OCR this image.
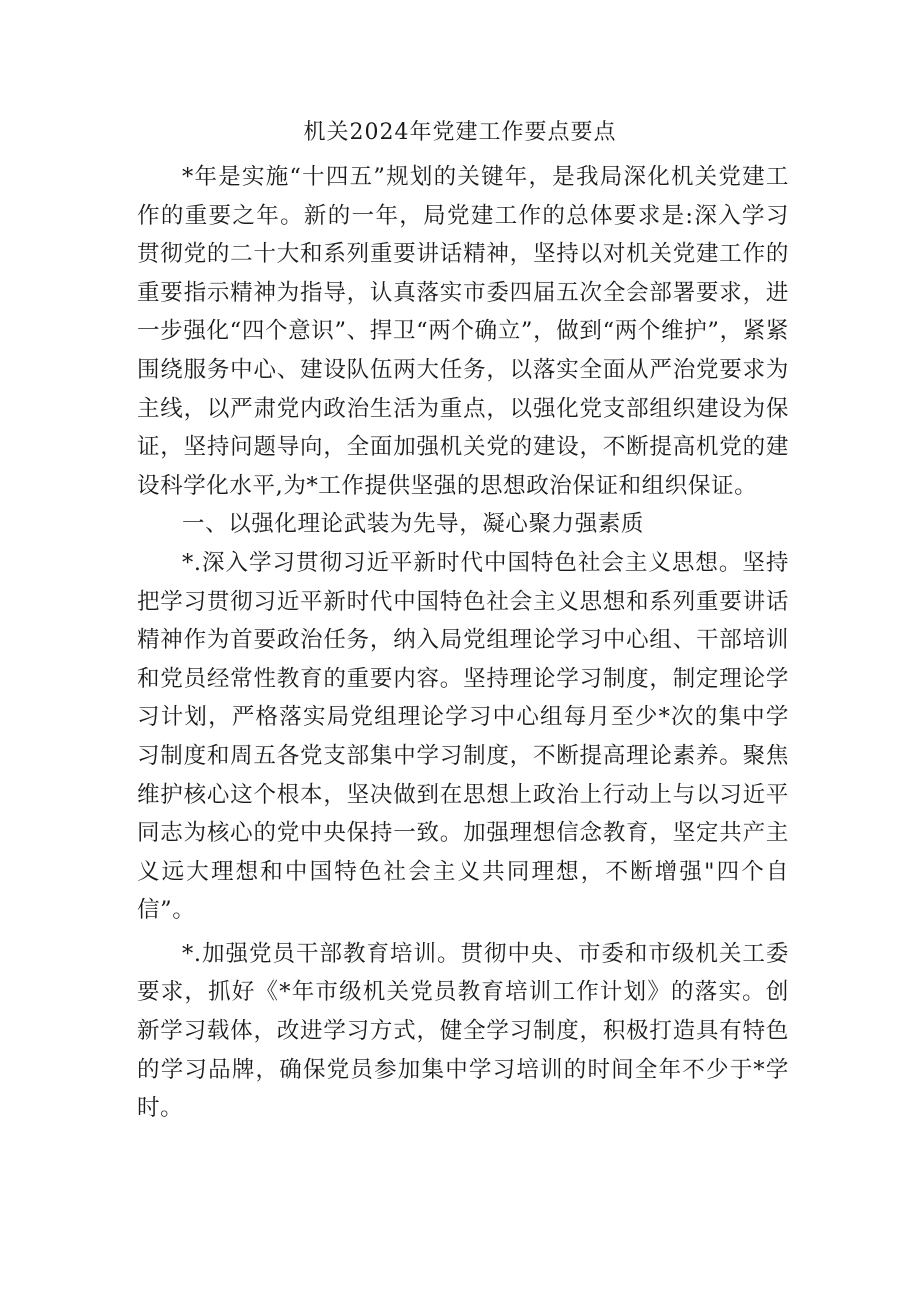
机关2024年党建工作要点要点

*年是实施“十四五”规划的关键年，是我局深化机关党建工作的重要之年。新的一年，局党建工作的总体要求是:深入学习贯彻党的二十大和系列重要讲话精神，坚持以对机关党建工作的重要指示精神为指导，认真落实市委四届五次全会部署要求，进一步强化“四个意识”、捍卫“两个确立”，做到“两个维护”，紧紧围绕服务中心、建设队伍两大任务，以落实全面从严治党要求为主线，以严肃党内政治生活为重点，以强化党支部组织建设为保证，坚持问题导向，全面加强机关党的建设，不断提高机党的建设科学化水平,为*工作提供坚强的思想政治保证和组织保证。

一、以强化理论武装为先导，凝心聚力强素质

*.深入学习贯彻习近平新时代中国特色社会主义思想。坚持把学习贯彻习近平新时代中国特色社会主义思想和系列重要讲话精神作为首要政治任务，纳入局党组理论学习中心组、干部培训和党员经常性教育的重要内容。坚持理论学习制度，制定理论学习计划，严格落实局党组理论学习中心组每月至少*次的集中学习制度和周五各党支部集中学习制度，不断提高理论素养。聚焦维护核心这个根本，坚决做到在思想上政治上行动上与以习近平同志为核心的党中央保持一致。加强理想信念教育，坚定共产主义远大理想和中国特色社会主义共同理想，不断增强"四个自信”。

*.加强党员干部教育培训。贯彻中央、市委和市级机关工委要求，抓好《*年市级机关党员教育培训工作计划》的落实。创新学习载体，改进学习方式，健全学习制度，积极打造具有特色的学习品牌，确保党员参加集中学习培训的时间全年不少于*学时。
